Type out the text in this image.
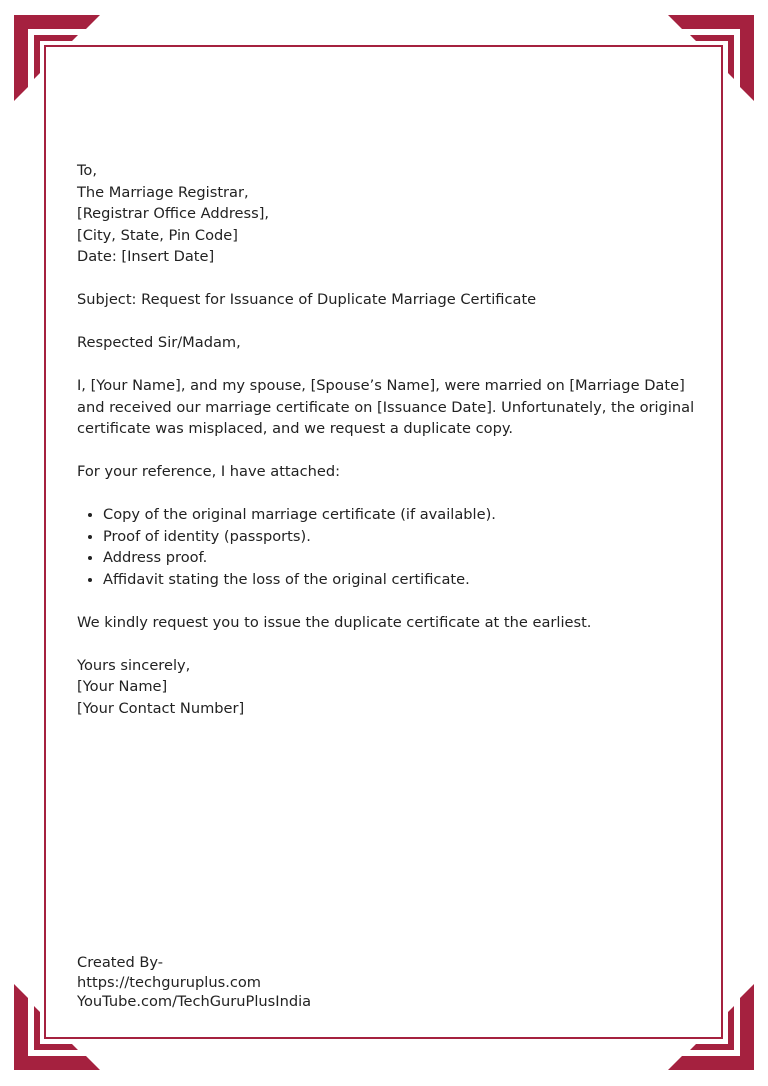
To,

The Marriage Registrar,

[Registrar Office Address],

[City, State, Pin Code]

Date: [Insert Date]

Subject: Request for Issuance of Duplicate Marriage Certificate

Respected Sir/Madam,

I, [Your Name], and my spouse, [Spouse’s Name], were married on [Marriage Date] and received our marriage certificate on [Issuance Date]. Unfortunately, the original certificate was misplaced, and we request a duplicate copy.

For your reference, I have attached:

• Copy of the original marriage certificate (if available).
• Proof of identity (passports).
• Address proof.
• Affidavit stating the loss of the original certificate.

We kindly request you to issue the duplicate certificate at the earliest.

Yours sincerely,

[Your Name]

[Your Contact Number]

Created By-

https://techguruplus.com

YouTube.com/TechGuruPlusIndia
